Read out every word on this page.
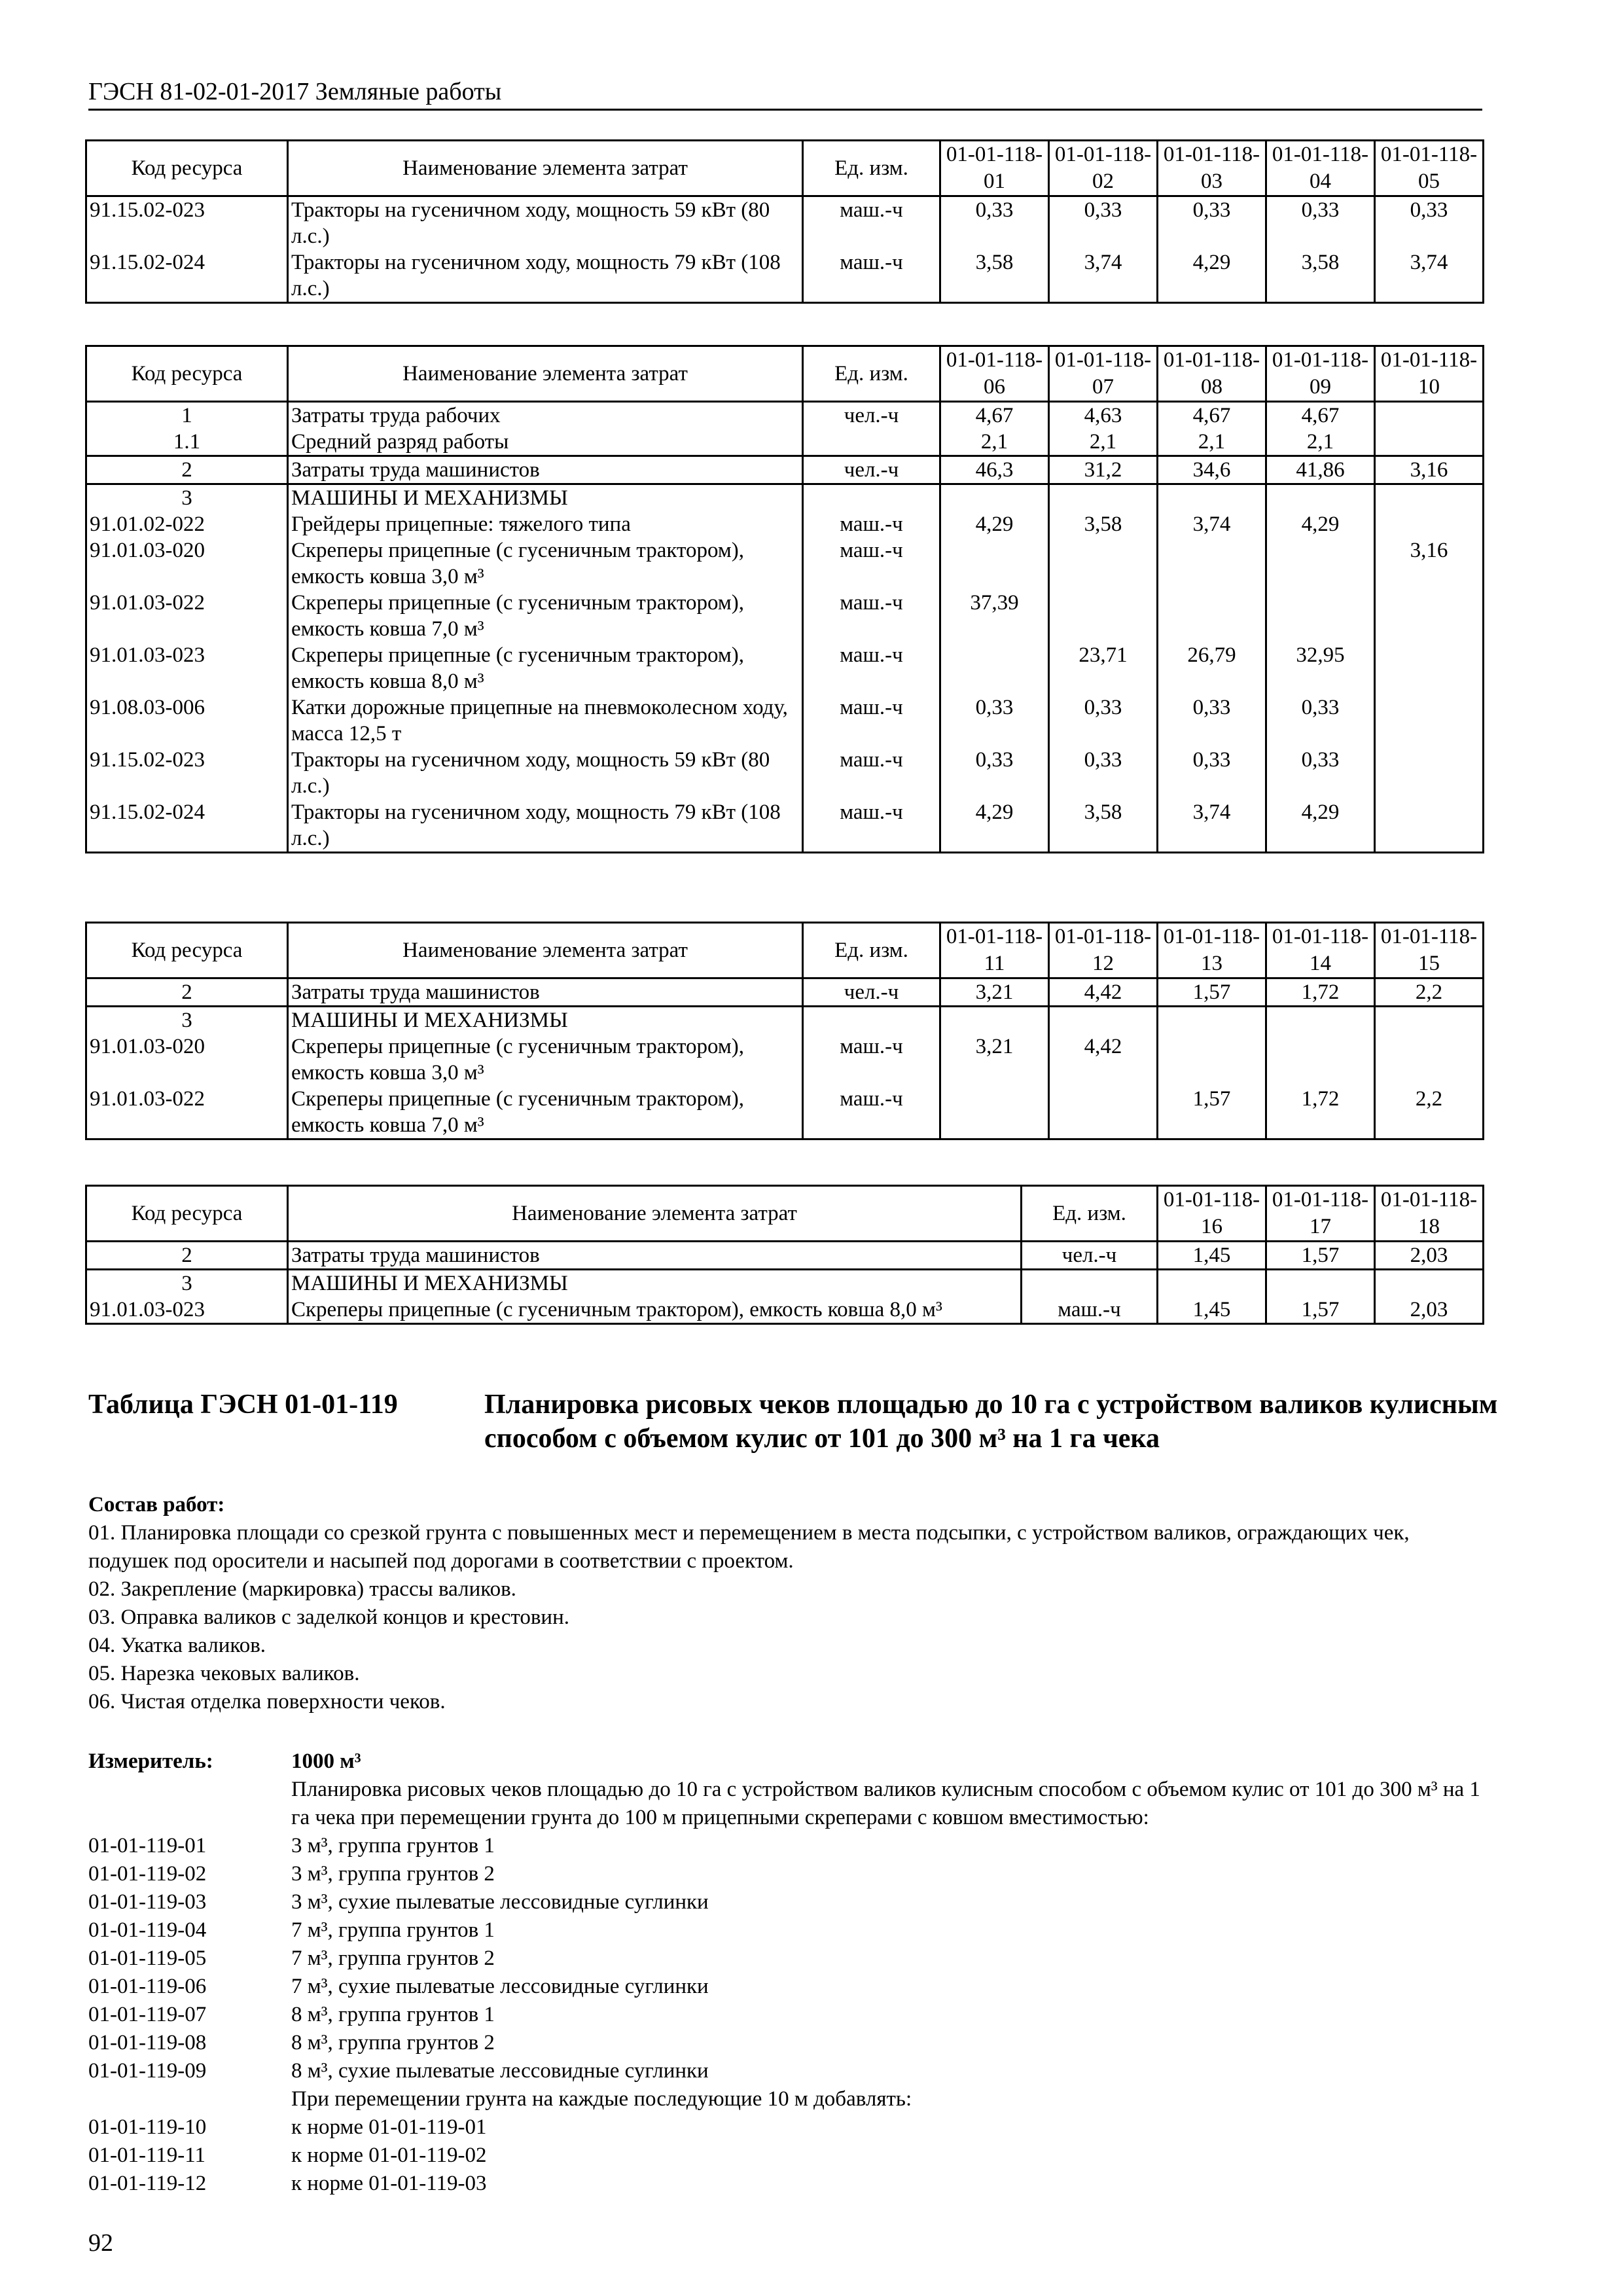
ГЭСН 81-02-01-2017 Земляные работы
Код ресурса	Наименование элемента затрат	Ед. изм.	01-01-118-01	01-01-118-02	01-01-118-03	01-01-118-04	01-01-118-05
91.15.02-023	Тракторы на гусеничном ходу, мощность 59 кВт (80 л.с.)	маш.-ч	0,33	0,33	0,33	0,33	0,33
91.15.02-024	Тракторы на гусеничном ходу, мощность 79 кВт (108 л.с.)	маш.-ч	3,58	3,74	4,29	3,58	3,74
Код ресурса	Наименование элемента затрат	Ед. изм.	01-01-118-06	01-01-118-07	01-01-118-08	01-01-118-09	01-01-118-10
1	Затраты труда рабочих	чел.-ч	4,67	4,63	4,67	4,67	
1.1	Средний разряд работы		2,1	2,1	2,1	2,1	
2	Затраты труда машинистов	чел.-ч	46,3	31,2	34,6	41,86	3,16
3	МАШИНЫ И МЕХАНИЗМЫ						
91.01.02-022	Грейдеры прицепные: тяжелого типа	маш.-ч	4,29	3,58	3,74	4,29	
91.01.03-020	Скреперы прицепные (с гусеничным трактором), емкость ковша 3,0 м³	маш.-ч					3,16
91.01.03-022	Скреперы прицепные (с гусеничным трактором), емкость ковша 7,0 м³	маш.-ч	37,39				
91.01.03-023	Скреперы прицепные (с гусеничным трактором), емкость ковша 8,0 м³	маш.-ч		23,71	26,79	32,95	
91.08.03-006	Катки дорожные прицепные на пневмоколесном ходу, масса 12,5 т	маш.-ч	0,33	0,33	0,33	0,33	
91.15.02-023	Тракторы на гусеничном ходу, мощность 59 кВт (80 л.с.)	маш.-ч	0,33	0,33	0,33	0,33	
91.15.02-024	Тракторы на гусеничном ходу, мощность 79 кВт (108 л.с.)	маш.-ч	4,29	3,58	3,74	4,29	
Код ресурса	Наименование элемента затрат	Ед. изм.	01-01-118-11	01-01-118-12	01-01-118-13	01-01-118-14	01-01-118-15
2	Затраты труда машинистов	чел.-ч	3,21	4,42	1,57	1,72	2,2
3	МАШИНЫ И МЕХАНИЗМЫ						
91.01.03-020	Скреперы прицепные (с гусеничным трактором), емкость ковша 3,0 м³	маш.-ч	3,21	4,42			
91.01.03-022	Скреперы прицепные (с гусеничным трактором), емкость ковша 7,0 м³	маш.-ч			1,57	1,72	2,2
Код ресурса	Наименование элемента затрат	Ед. изм.	01-01-118-16	01-01-118-17	01-01-118-18
2	Затраты труда машинистов	чел.-ч	1,45	1,57	2,03
3	МАШИНЫ И МЕХАНИЗМЫ				
91.01.03-023	Скреперы прицепные (с гусеничным трактором), емкость ковша 8,0 м³	маш.-ч	1,45	1,57	2,03
Таблица ГЭСН 01-01-119	Планировка рисовых чеков площадью до 10 га с устройством валиков кулисным способом с объемом кулис от 101 до 300 м³ на 1 га чека
Состав работ:
01. Планировка площади со срезкой грунта с повышенных мест и перемещением в места подсыпки, с устройством валиков, ограждающих чек, подушек под оросители и насыпей под дорогами в соответствии с проектом.
02. Закрепление (маркировка) трассы валиков.
03. Оправка валиков с заделкой концов и крестовин.
04. Укатка валиков.
05. Нарезка чековых валиков.
06. Чистая отделка поверхности чеков.
Измеритель:	1000 м³
Планировка рисовых чеков площадью до 10 га с устройством валиков кулисным способом с объемом кулис от 101 до 300 м³ на 1 га чека при перемещении грунта до 100 м прицепными скреперами с ковшом вместимостью:
01-01-119-01	3 м³, группа грунтов 1
01-01-119-02	3 м³, группа грунтов 2
01-01-119-03	3 м³, сухие пылеватые лессовидные суглинки
01-01-119-04	7 м³, группа грунтов 1
01-01-119-05	7 м³, группа грунтов 2
01-01-119-06	7 м³, сухие пылеватые лессовидные суглинки
01-01-119-07	8 м³, группа грунтов 1
01-01-119-08	8 м³, группа грунтов 2
01-01-119-09	8 м³, сухие пылеватые лессовидные суглинки
При перемещении грунта на каждые последующие 10 м добавлять:
01-01-119-10	к норме 01-01-119-01
01-01-119-11	к норме 01-01-119-02
01-01-119-12	к норме 01-01-119-03
92
